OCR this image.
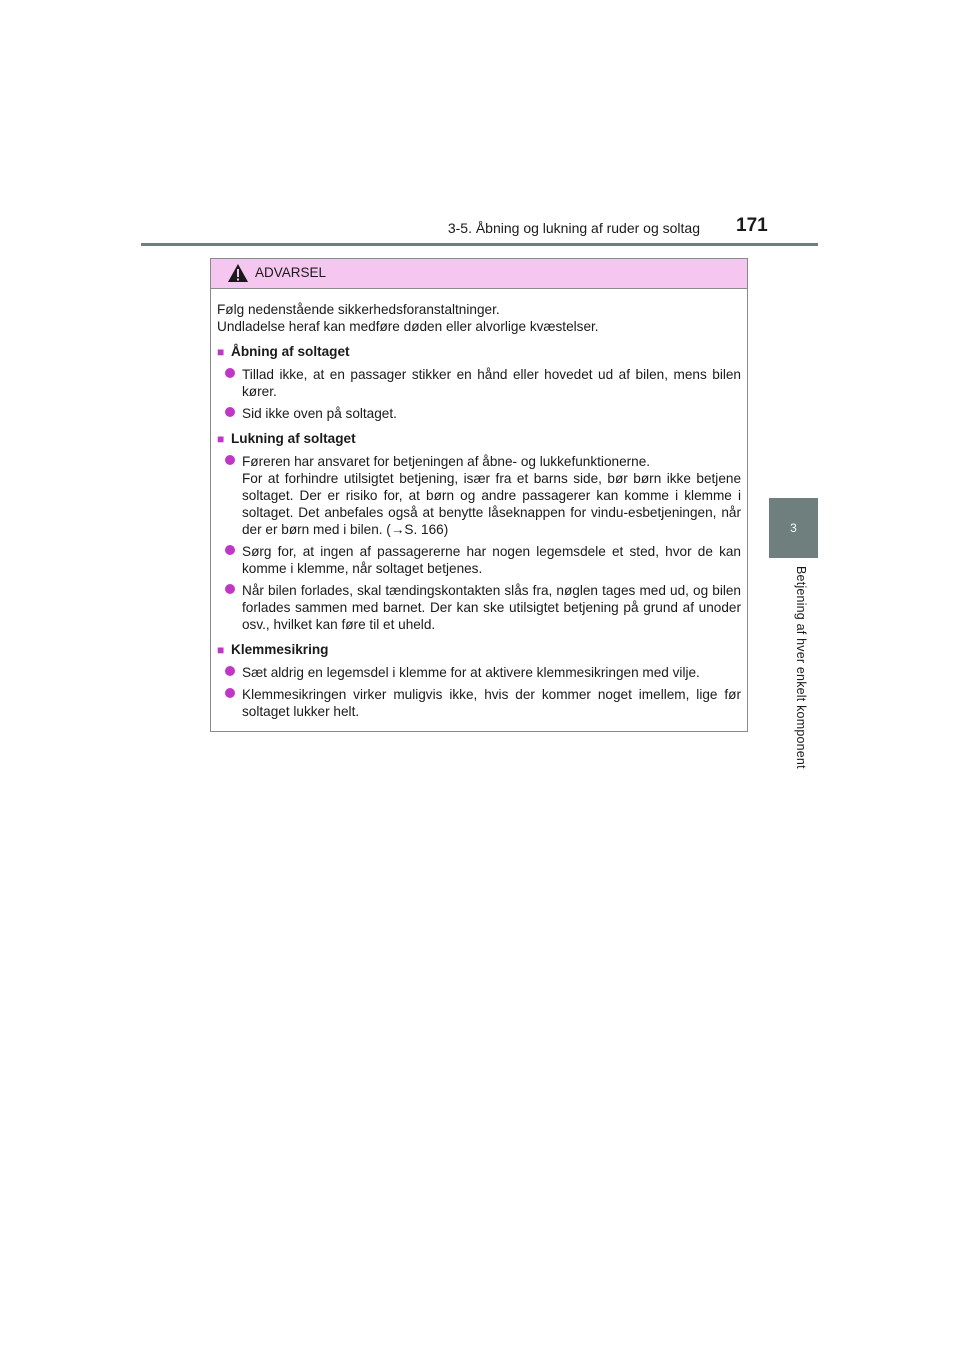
3-5. Åbning og lukning af ruder og soltag 171
3
Betjening af hver enkelt komponent
ADVARSEL

Følg nedenstående sikkerhedsforanstaltninger.

Undladelse heraf kan medføre døden eller alvorlige kvæstelser.

■ Åbning af soltaget
Tillad ikke, at en passager stikker en hånd eller hovedet ud af bilen, mens bilen kører.
Sid ikke oven på soltaget.
■ Lukning af soltaget

Føreren har ansvaret for betjeningen af åbne- og lukkefunktionerne.

For at forhindre utilsigtet betjening, især fra et barns side, bør børn ikke betjene soltaget. Der er risiko for, at børn og andre passagerer kan komme i klemme i soltaget. Det anbefales også at benytte låseknappen for vindu-esbetjeningen, når der er børn med i bilen. (→S. 166)

Sørg for, at ingen af passagererne har nogen legemsdele et sted, hvor de kan komme i klemme, når soltaget betjenes.
Når bilen forlades, skal tændingskontakten slås fra, nøglen tages med ud, og bilen forlades sammen med barnet. Der kan ske utilsigtet betjening på grund af unoder osv., hvilket kan føre til et uheld.
■ Klemmesikring
Sæt aldrig en legemsdel i klemme for at aktivere klemmesikringen med vilje.
Klemmesikringen virker muligvis ikke, hvis der kommer noget imellem, lige før soltaget lukker helt.
